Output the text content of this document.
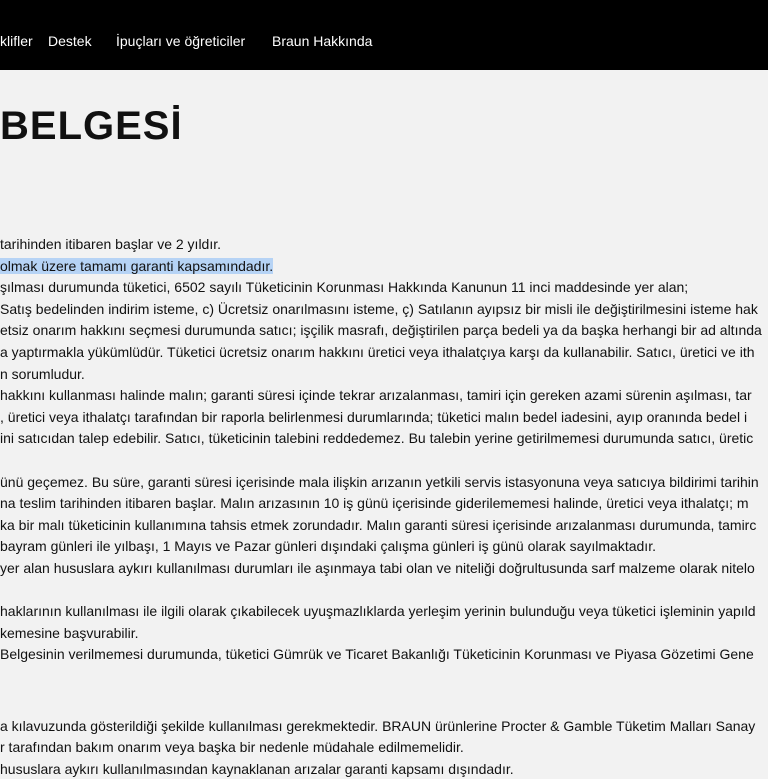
klifler Destek İpuçları ve öğreticiler Braun Hakkında
BELGESİ
tarihinden itibaren başlar ve 2 yıldır.
olmak üzere tamamı garanti kapsamındadır.
şılması durumunda tüketici, 6502 sayılı Tüketicinin Korunması Hakkında Kanunun 11 inci maddesinde yer alan;
Satış bedelinden indirim isteme, c) Ücretsiz onarılmasını isteme, ç) Satılanın ayıpsız bir misli ile değiştirilmesini isteme hak
etsiz onarım hakkını seçmesi durumunda satıcı; işçilik masrafı, değiştirilen parça bedeli ya da başka herhangi bir ad altında
a yaptırmakla yükümlüdür. Tüketici ücretsiz onarım hakkını üretici veya ithalatçıya karşı da kullanabilir. Satıcı, üretici ve ith
n sorumludur.
hakkını kullanması halinde malın; garanti süresi içinde tekrar arızalanması, tamiri için gereken azami sürenin aşılması, tar
, üretici veya ithalatçı tarafından bir raporla belirlenmesi durumlarında; tüketici malın bedel iadesini, ayıp oranında bedel i
ini satıcıdan talep edebilir. Satıcı, tüketicinin talebini reddedemez. Bu talebin yerine getirilmemesi durumunda satıcı, üretic
ünü geçemez. Bu süre, garanti süresi içerisinde mala ilişkin arızanın yetkili servis istasyonuna veya satıcıya bildirimi tarihin
na teslim tarihinden itibaren başlar. Malın arızasının 10 iş günü içerisinde giderilememesi halinde, üretici veya ithalatçı; m
ka bir malı tüketicinin kullanımına tahsis etmek zorundadır. Malın garanti süresi içerisinde arızalanması durumunda, tamirc
bayram günleri ile yılbaşı, 1 Mayıs ve Pazar günleri dışındaki çalışma günleri iş günü olarak sayılmaktadır.
yer alan hususlara aykırı kullanılması durumları ile aşınmaya tabi olan ve niteliği doğrultusunda sarf malzeme olarak nitelo
haklarının kullanılması ile ilgili olarak çıkabilecek uyuşmazlıklarda yerleşim yerinin bulunduğu veya tüketici işleminin yapıld
kemesine başvurabilir.
Belgesinin verilmemesi durumunda, tüketici Gümrük ve Ticaret Bakanlığı Tüketicinin Korunması ve Piyasa Gözetimi Gene
a kılavuzunda gösterildiği şekilde kullanılması gerekmektedir. BRAUN ürünlerine Procter & Gamble Tüketim Malları Sanay
r tarafından bakım onarım veya başka bir nedenle müdahale edilmemelidir.
hususlara aykırı kullanılmasından kaynaklanan arızalar garanti kapsamı dışındadır.
